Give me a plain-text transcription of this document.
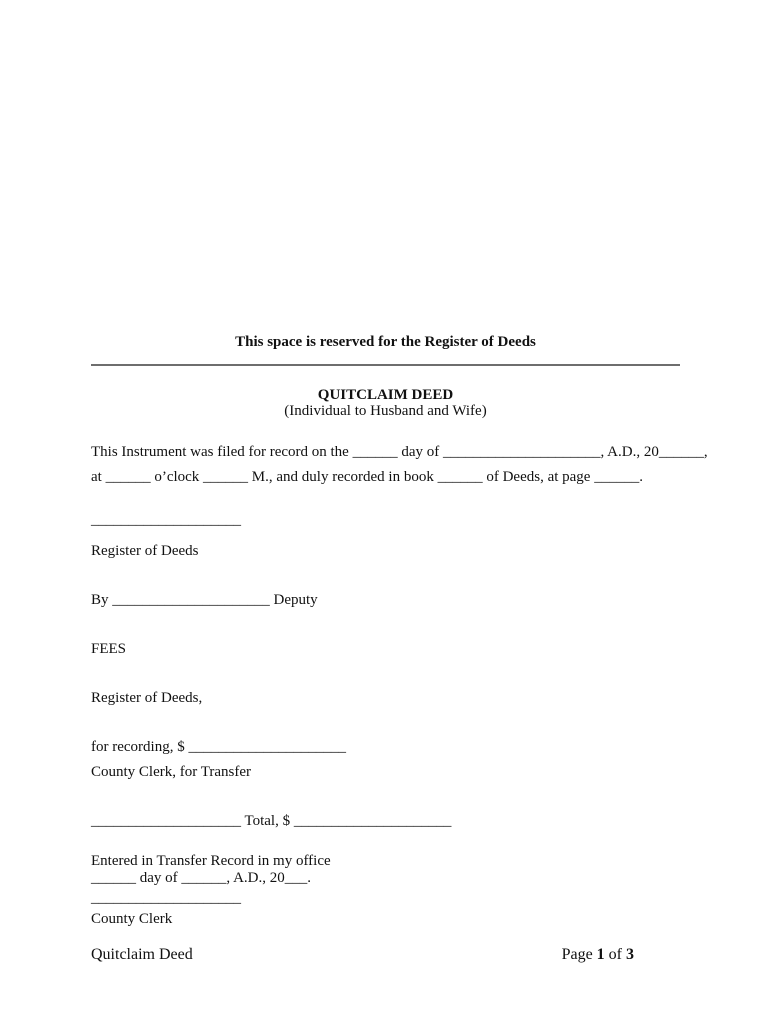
This space is reserved for the Register of Deeds
QUITCLAIM DEED
(Individual to Husband and Wife)
This Instrument was filed for record on the ______ day of _____________________, A.D., 20______,
at ______ o’clock ______ M., and duly recorded in book ______ of Deeds, at page ______.
____________________
Register of Deeds
By _____________________ Deputy
FEES
Register of Deeds,
for recording, $ _____________________
County Clerk, for Transfer
____________________ Total, $ _____________________
Entered in Transfer Record in my office
______ day of ______, A.D., 20___.
____________________
County Clerk
Quitclaim Deed	Page 1 of 3
